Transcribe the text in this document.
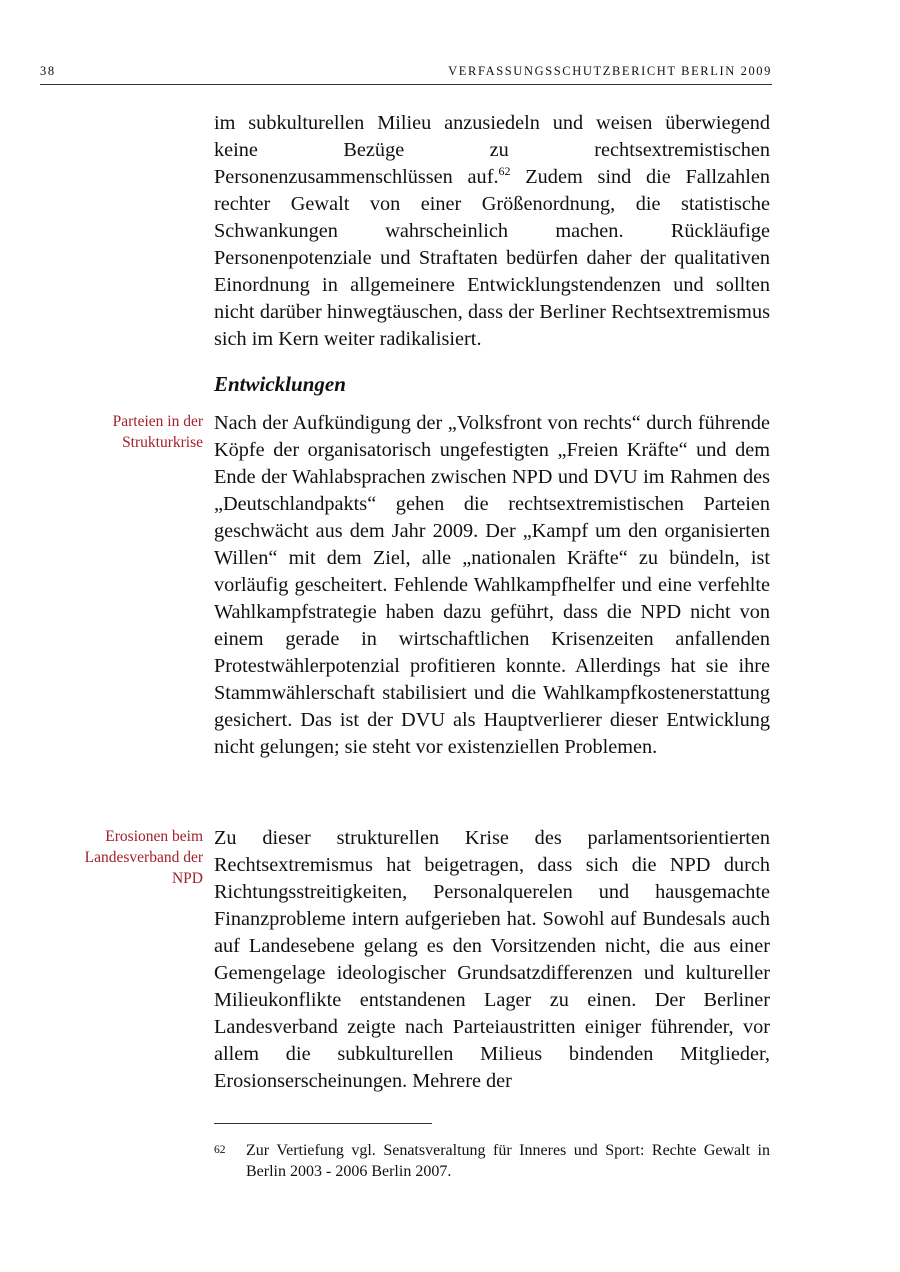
38	VERFASSUNGSSCHUTZBERICHT BERLIN 2009

im subkulturellen Milieu anzusiedeln und weisen überwiegend keine Bezüge zu rechtsextremistischen Personenzusammenschlüssen auf.$^{62}$ Zudem sind die Fallzahlen rechter Gewalt von einer Größenordnung, die statistische Schwankungen wahrscheinlich machen. Rückläufige Personenpotenziale und Straftaten bedürfen daher der qualitativen Einordnung in allgemeinere Entwicklungstendenzen und sollten nicht darüber hinwegtäuschen, dass der Berliner Rechtsextremismus sich im Kern weiter radikalisiert.

Entwicklungen
Parteien in der Strukturkrise

Nach der Aufkündigung der „Volksfront von rechts“ durch führende Köpfe der organisatorisch ungefestigten „Freien Kräfte“ und dem Ende der Wahlabsprachen zwischen NPD und DVU im Rahmen des „Deutschlandpakts“ gehen die rechtsextremistischen Parteien geschwächt aus dem Jahr 2009. Der „Kampf um den organisierten Willen“ mit dem Ziel, alle „nationalen Kräfte“ zu bündeln, ist vorläufig gescheitert. Fehlende Wahlkampfhelfer und eine verfehlte Wahlkampfstrategie haben dazu geführt, dass die NPD nicht von einem gerade in wirtschaftlichen Krisenzeiten anfallenden Protestwählerpotenzial profitieren konnte. Allerdings hat sie ihre Stammwählerschaft stabilisiert und die Wahlkampfkostenerstattung gesichert. Das ist der DVU als Hauptverlierer dieser Entwicklung nicht gelungen; sie steht vor existenziellen Problemen.

Erosionen beim Landesverband der NPD

Zu dieser strukturellen Krise des parlamentsorientierten Rechtsextremismus hat beigetragen, dass sich die NPD durch Richtungsstreitigkeiten, Personalquerelen und hausgemachte Finanzprobleme intern aufgerieben hat. Sowohl auf Bundesals auch auf Landesebene gelang es den Vorsitzenden nicht, die aus einer Gemengelage ideologischer Grundsatzdifferenzen und kultureller Milieukonflikte entstandenen Lager zu einen. Der Berliner Landesverband zeigte nach Parteiaustritten einiger führender, vor allem die subkulturellen Milieus bindenden Mitglieder, Erosionserscheinungen. Mehrere der

62 Zur Vertiefung vgl. Senatsveraltung für Inneres und Sport: Rechte Gewalt in Berlin 2003 - 2006 Berlin 2007.
